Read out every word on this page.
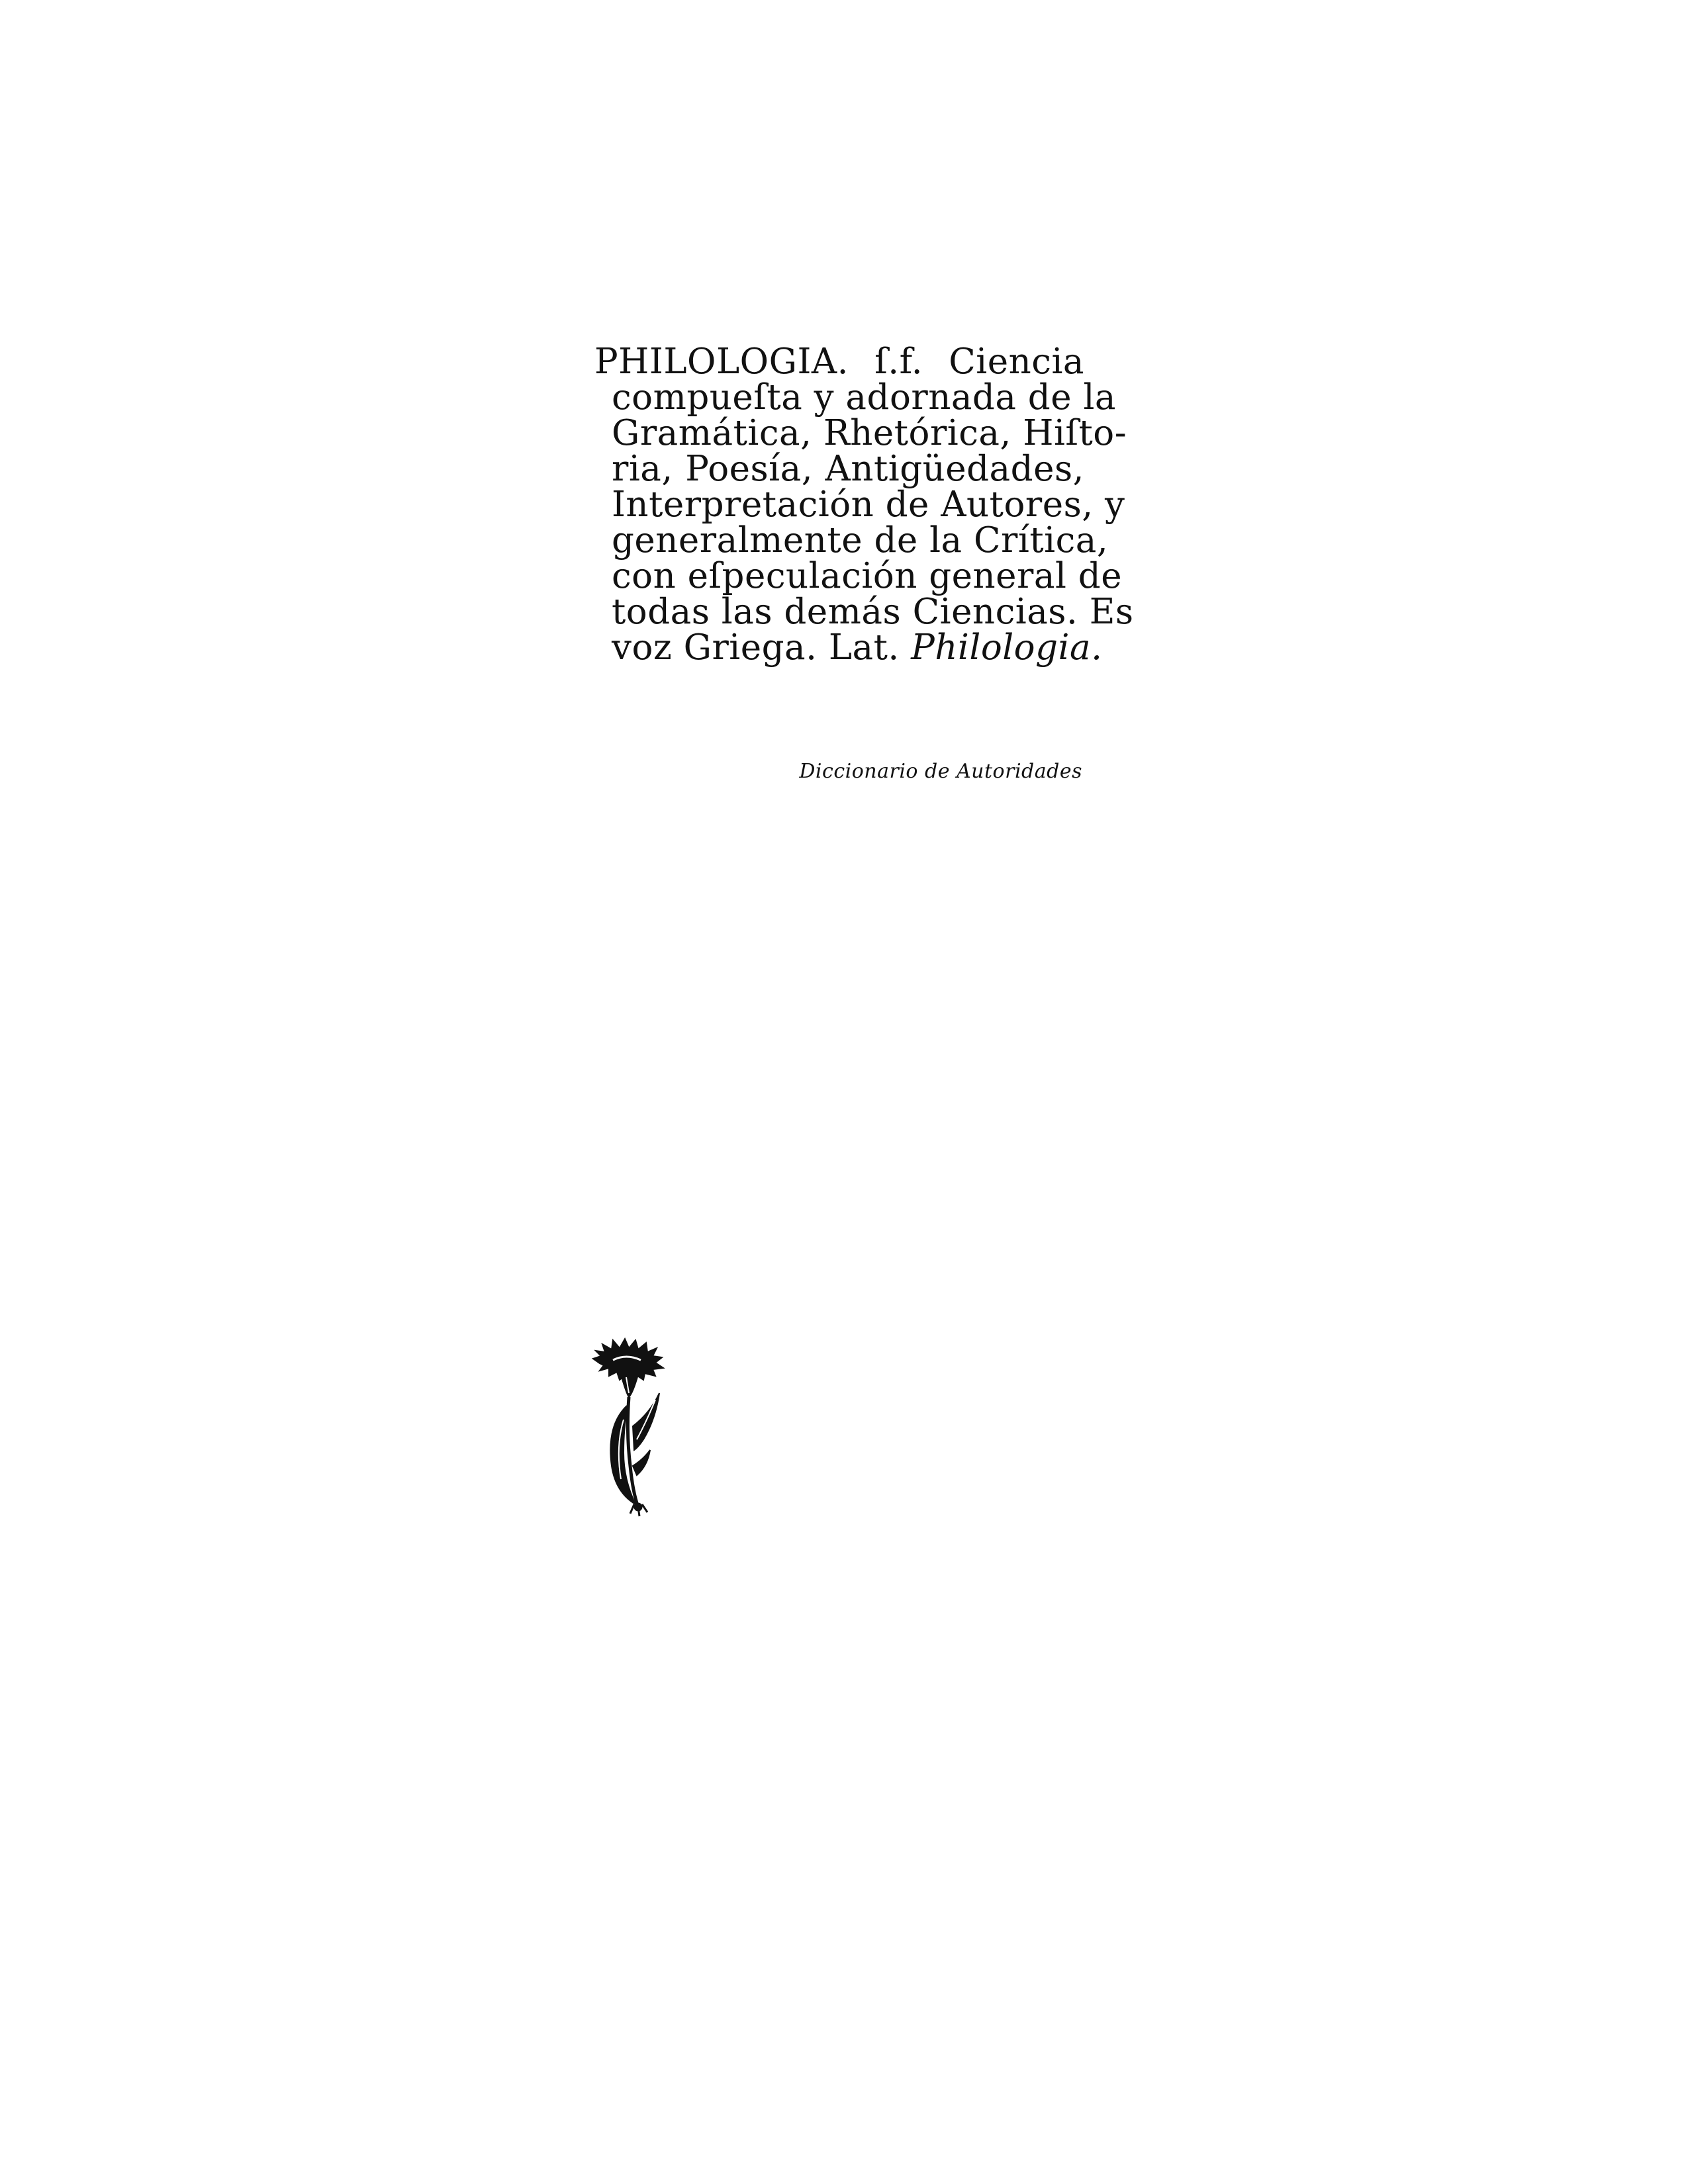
PHILOLOGIA. ſ.f. Ciencia
compueſta y adornada de la
Gramática, Rhetórica, Hiſto-
ria, Poesía, Antigüedades,
Interpretación de Autores, y
generalmente de la Crítica,
con eſpeculación general de
todas las demás Ciencias. Es
voz Griega. Lat. Philologia.
Diccionario de Autoridades
